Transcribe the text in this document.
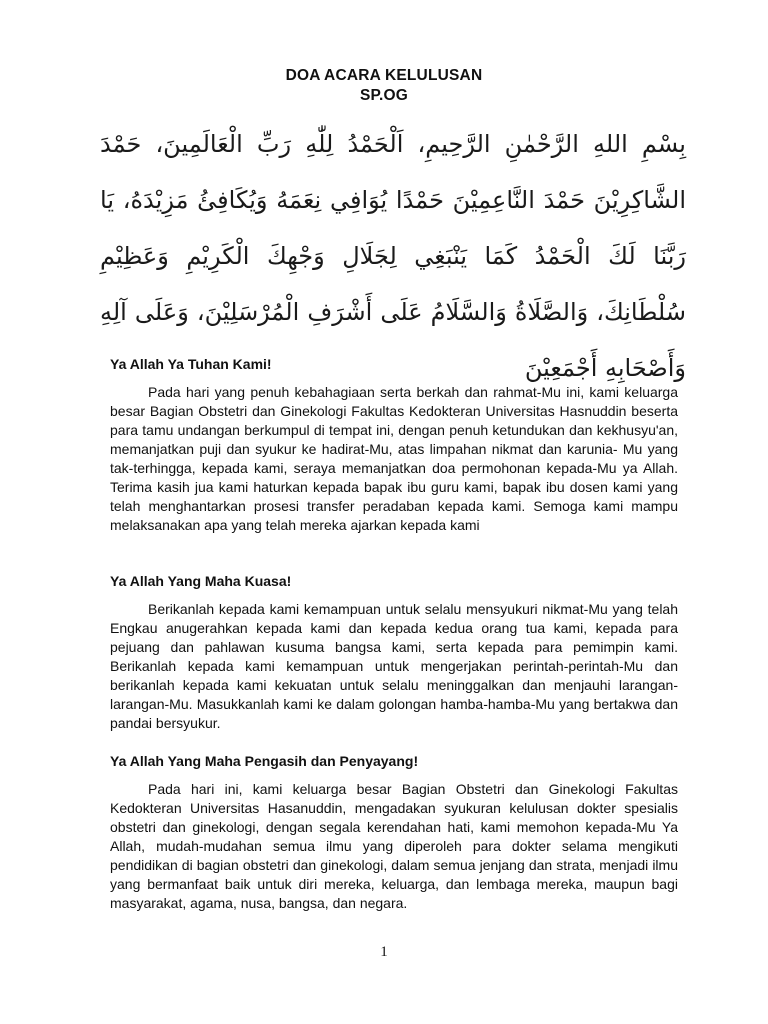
DOA ACARA KELULUSAN
SP.OG
بِسْمِ اللهِ الرَّحْمٰنِ الرَّحِيمِ، اَلْحَمْدُ لِلّٰهِ رَبِّ الْعَالَمِينَ، حَمْدَ الشَّاكِرِيْنَ حَمْدَ النَّاعِمِيْنَ حَمْدًا يُوَافِي نِعَمَهُ وَيُكَافِئُ مَزِيْدَهُ، يَا رَبَّنَا لَكَ الْحَمْدُ كَمَا يَنْبَغِي لِجَلَالِ وَجْهِكَ الْكَرِيْمِ وَعَظِيْمِ سُلْطَانِكَ، وَالصَّلَاةُ وَالسَّلَامُ عَلَى أَشْرَفِ الْمُرْسَلِيْنَ، وَعَلَى آلِهِ وَأَصْحَابِهِ أَجْمَعِيْنَ
Ya Allah Ya Tuhan Kami!

Pada hari yang penuh kebahagiaan serta berkah dan rahmat-Mu ini, kami keluarga besar Bagian Obstetri dan Ginekologi Fakultas Kedokteran Universitas Hasnuddin beserta para tamu undangan berkumpul di tempat ini, dengan penuh ketundukan dan kekhusyu'an, memanjatkan puji dan syukur ke hadirat-Mu, atas limpahan nikmat dan karunia- Mu yang tak-terhingga, kepada kami, seraya memanjatkan doa permohonan kepada-Mu ya Allah. Terima kasih jua kami haturkan kepada bapak ibu guru kami, bapak ibu dosen kami yang telah menghantarkan prosesi transfer peradaban kepada kami. Semoga kami mampu melaksanakan apa yang telah mereka ajarkan kepada kami

Ya Allah Yang Maha Kuasa!

Berikanlah kepada kami kemampuan untuk selalu mensyukuri nikmat-Mu yang telah Engkau anugerahkan kepada kami dan kepada kedua orang tua kami, kepada para pejuang dan pahlawan kusuma bangsa kami, serta kepada para pemimpin kami. Berikanlah kepada kami kemampuan untuk mengerjakan perintah-perintah-Mu dan berikanlah kepada kami kekuatan untuk selalu meninggalkan dan menjauhi larangan-larangan-Mu. Masukkanlah kami ke dalam golongan hamba-hamba-Mu yang bertakwa dan pandai bersyukur.

Ya Allah Yang Maha Pengasih dan Penyayang!

Pada hari ini, kami keluarga besar Bagian Obstetri dan Ginekologi Fakultas Kedokteran Universitas Hasanuddin, mengadakan syukuran kelulusan dokter spesialis obstetri dan ginekologi, dengan segala kerendahan hati, kami memohon kepada-Mu Ya Allah, mudah-mudahan semua ilmu yang diperoleh para dokter selama mengikuti pendidikan di bagian obstetri dan ginekologi, dalam semua jenjang dan strata, menjadi ilmu yang bermanfaat baik untuk diri mereka, keluarga, dan lembaga mereka, maupun bagi masyarakat, agama, nusa, bangsa, dan negara.

1
